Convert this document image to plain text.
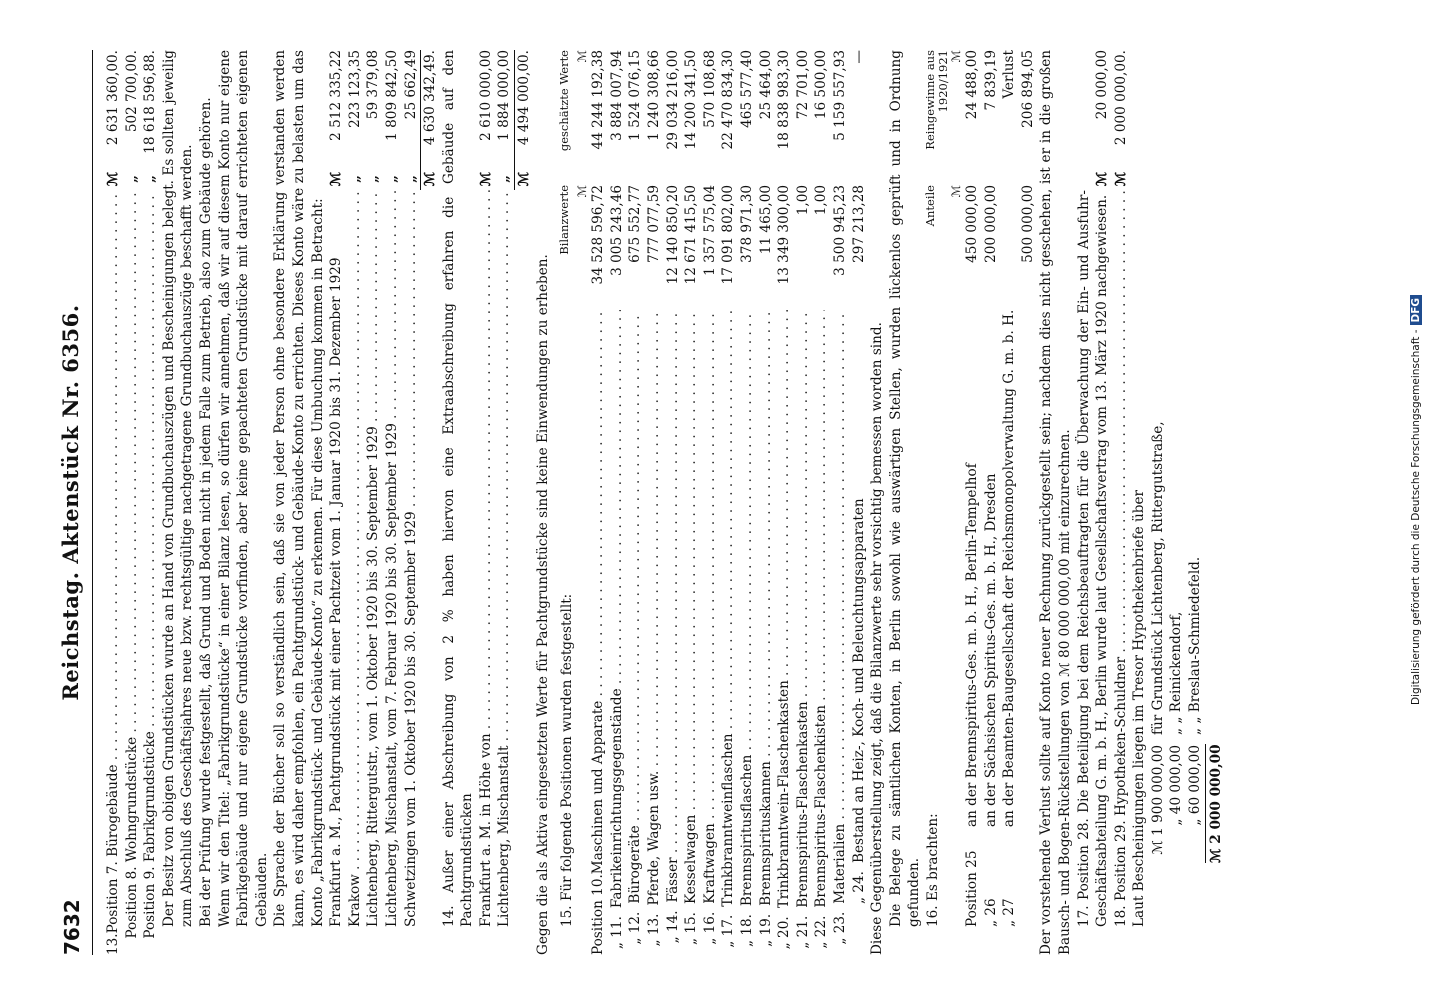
7632
Reichstag. Aktenstück Nr. 6356.
13.
Position 7. Bürogebäude . . .
ℳ
2 631 360,00.
Position 8. Wohngrundstücke . . .
„
502 700,00.
Position 9. Fabrikgrundstücke . . .
„
18 618 596,88. Der Besitz von obigen Grundstücken wurde an Hand von Grundbuchauszügen und Bescheinigungen belegt. Es sollten jeweilig zum Abschluß des Geschäftsjahres neue bzw. rechtsgültige nachgetragene Grundbuchauszüge beschafft werden. Bei der Prüfung wurde festgestellt, daß Grund und Boden nicht in jedem Falle zum Betrieb, also zum Gebäude gehören. Wenn wir den Titel: „Fabrikgrundstücke“ in einer Bilanz lesen, so dürfen wir annehmen, daß wir auf diesem Konto nur eigene Fabrikgebäude und nur eigene Grundstücke vorfinden, aber keine gepachteten Grundstücke mit darauf errichteten eigenen Gebäuden. Die Sprache der Bücher soll so verständlich sein, daß sie von jeder Person ohne besondere Erklärung verstanden werden kann, es wird daher empfohlen, ein Pachtgrundstück- und Gebäude-Konto zu errichten. Dieses Konto wäre zu belasten um das Konto „Fabrikgrundstück- und Gebäude-Konto“ zu erkennen. Für diese Umbuchung kommen in Betracht: Frankfurt a. M., Pachtgrundstück mit einer Pachtzeit vom 1. Januar 1920 bis 31. Dezember 1929
ℳ
2 512 335,22
Krakow . . .
„
223 123,35
Lichtenberg, Rittergutstr., vom 1. Oktober 1920 bis 30. September 1929 . . .
„
59 379,08
Lichtenberg, Mischanstalt, vom 7. Februar 1920 bis 30. September 1929 . . .
„
1 809 842,50
Schwetzingen vom 1. Oktober 1920 bis 30. September 1929 . . .
„
25 662,49
ℳ
4 630 342,49. 14. Außer einer Abschreibung von 2 % haben hiervon eine Extraabschreibung erfahren die Gebäude auf den Pachtgrundstücken Frankfurt a. M. in Höhe von . . .
ℳ
2 610 000,00
Lichtenberg, Mischanstalt . . .
„
1 884 000,00
ℳ
4 494 000,00.
Gegen die als Aktiva eingesetzten Werte für Pachtgrundstücke sind keine Einwendungen zu erheben. 15. Für folgende Positionen wurden festgestellt:
Bilanzwerte
geschätzte Werte
ℳ
ℳ
Position 10.
Maschinen und Apparate . . .
34 528 596,72
44 244 192,38
„ 11.
Fabrikeinrichtungsgegenstände . . .
3 005 243,46
3 884 007,94
„ 12.
Bürogeräte . . .
675 552,77
1 524 076,15
„ 13.
Pferde, Wagen usw. . . .
777 077,59
1 240 308,66
„ 14.
Fässer . . .
12 140 850,20
29 034 216,00
„ 15.
Kesselwagen . . .
12 671 415,50
14 200 341,50
„ 16.
Kraftwagen . . .
1 357 575,04
570 108,68
„ 17.
Trinkbranntweinflaschen . . .
17 091 802,00
22 470 834,30
„ 18.
Brennspiritusflaschen . . .
378 971,30
465 577,40
„ 19.
Brennspirituskannen . . .
11 465,00
25 464,00
„ 20.
Trinkbranntwein-Flaschenkasten . . .
13 349 300,00
18 838 983,30
„ 21.
Brennspiritus-Flaschenkasten . . .
1,00
72 701,00
„ 22.
Brennspiritus-Flaschenkisten . . .
1,00
16 500,00
„ 23.
Materialien . . .
3 500 945,23
5 159 557,93
„ 24.
Bestand an Heiz-, Koch- und Beleuchtungsapparaten
297 213,28
—
Diese Gegenüberstellung zeigt, daß die Bilanzwerte sehr vorsichtig bemessen worden sind. Die Belege zu sämtlichen Konten, in Berlin sowohl wie auswärtigen Stellen, wurden lückenlos geprüft und in Ordnung gefunden. 16. Es brachten:
Anteile
Reingewinne aus 1920/1921
ℳ
ℳ
Position 25
an der Brennspiritus-Ges. m. b. H., Berlin-Tempelhof
450 000,00
24 488,00
„ 26
an der Sächsischen Spiritus-Ges. m. b. H., Dresden
200 000,00
7 839,19
„ 27
an der Beamten-Baugesellschaft der Reichsmonopolverwaltung G. m. b. H.
Verlust
500 000,00
206 894,05 Der vorstehende Verlust sollte auf Konto neuer Rechnung zurückgestellt sein; nachdem dies nicht geschehen, ist er in die großen Bausch- und Bogen-Rückstellungen von ℳ 80 000 000,00 mit einzurechnen. 17. Position 28. Die Beteiligung bei dem Reichsbeauftragten für die Überwachung der Ein- und Ausfuhr-Geschäftsabteilung G. m. b. H., Berlin wurde laut Gesellschaftsvertrag vom 13. März 1920 nachgewiesen.
ℳ
20 000,00
18. Position 29. Hypotheken-Schuldner . . .
ℳ
2 000 000,00.
Laut Bescheinigungen liegen im Tresor Hypothekenbriefe über ℳ 1 900 000,00
für Grundstück Lichtenberg, Rittergutstraße,
„ 40 000,00
„ „ Reinickendorf,
„ 60 000,00
„ „ Breslau-Schmiedefeld.
ℳ 2 000 000,00
Digitalisierung gefördert durch die Deutsche Forschungsgemeinschaft -DFG
